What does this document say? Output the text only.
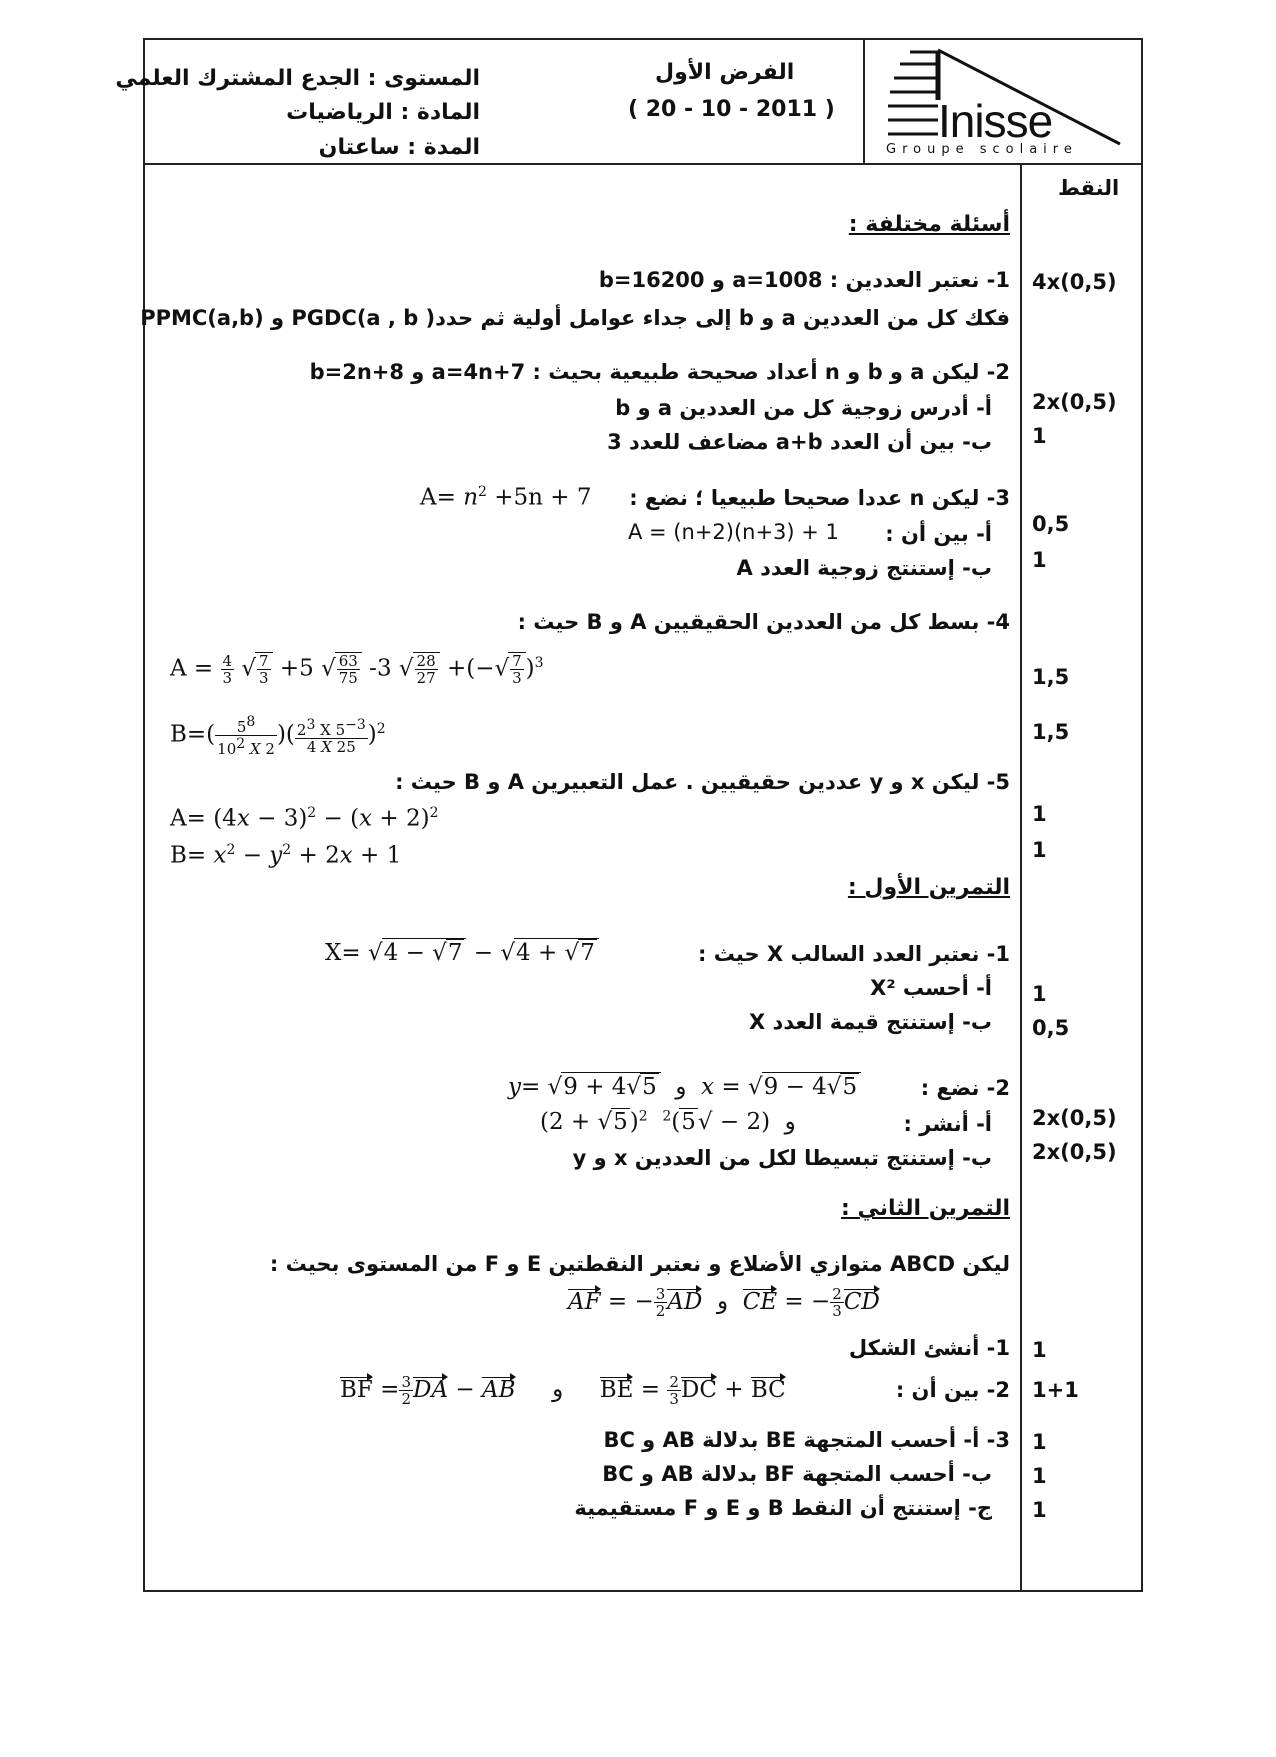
المستوى : الجدع المشترك العلمي
المادة : الرياضيات
المدة : ساعتان
الفرض الأول
( 20 - 10 - 2011 ) Inisse
Groupe scolaire
النقط
أسئلة مختلفة :
1- نعتبر العددين : a=1008 و b=16200
فكك كل من العددين a و b إلى جداء عوامل أولية ثم حدد( PGDC(a , b و PPMC(a,b)
4x(0,5)
2- ليكن a و b و n أعداد صحيحة طبيعية بحيث : a=4n+7 و b=2n+8
أ- أدرس زوجية كل من العددين a و b
ب- بين أن العدد a+b مضاعف للعدد 3
2x(0,5)
1
3- ليكن n عددا صحيحا طبيعيا ؛ نضع :
$A= n^2 +5n + 7$
أ- بين أن :
A = (n+2)(n+3) + 1
ب- إستنتج زوجية العدد A
0,5
1
4- بسط كل من العددين الحقيقيين A و B حيث :
$A = \frac{4}{3}$ √ $\frac{7}{3} +5$ √ $\frac{63}{75} -3$ √ $\frac{28}{27}$ +(−√ $\frac{7}{3} )^3$
1,5
$B=( \frac{5^8}{10^2 X 2}$ )( $\frac{2^3 X 5^{-3}}{4 X 25} )^2$	1,5
5- ليكن x و y عددين حقيقيين . عمل التعبيرين A و B حيث :
$A= (4x - 3)^2 - (x + 2)^2$
$B= x^2 - y^2 + 2x + 1$
1
1
التمرين الأول :
1- نعتبر العدد السالب X حيث :
X= √4 − √7 − √4 + √7
أ- أحسب X²
ب- إستنتج قيمة العدد X
1
0,5
2- نضع :
y= √9 + 4√5  و  x = √9 − 4√5
أ- أنشر :
$(2 + √5)^2$  و  $(2 - √5)^2$
ب- إستنتج تبسيطا لكل من العددين x و y
2x(0,5)
2x(0,5)
التمرين الثاني :
ليكن ABCD متوازي الأضلاع و نعتبر النقطتين E و F من المستوى بحيث :
AF = − $\frac{3}{2}$ AD  و  CE = − $\frac{2}{3}$ CD
1- أنشئ الشكل 1
2- بين أن :
BF = $\frac{3}{2}$ DA − AB     و     BE = $\frac{2}{3}$ DC + BC	1+1
3- أ- أحسب المتجهة BE بدلالة AB و BC
ب- أحسب المتجهة BF بدلالة AB و BC
ج- إستنتج أن النقط B و E و F مستقيمية
1
1
1
